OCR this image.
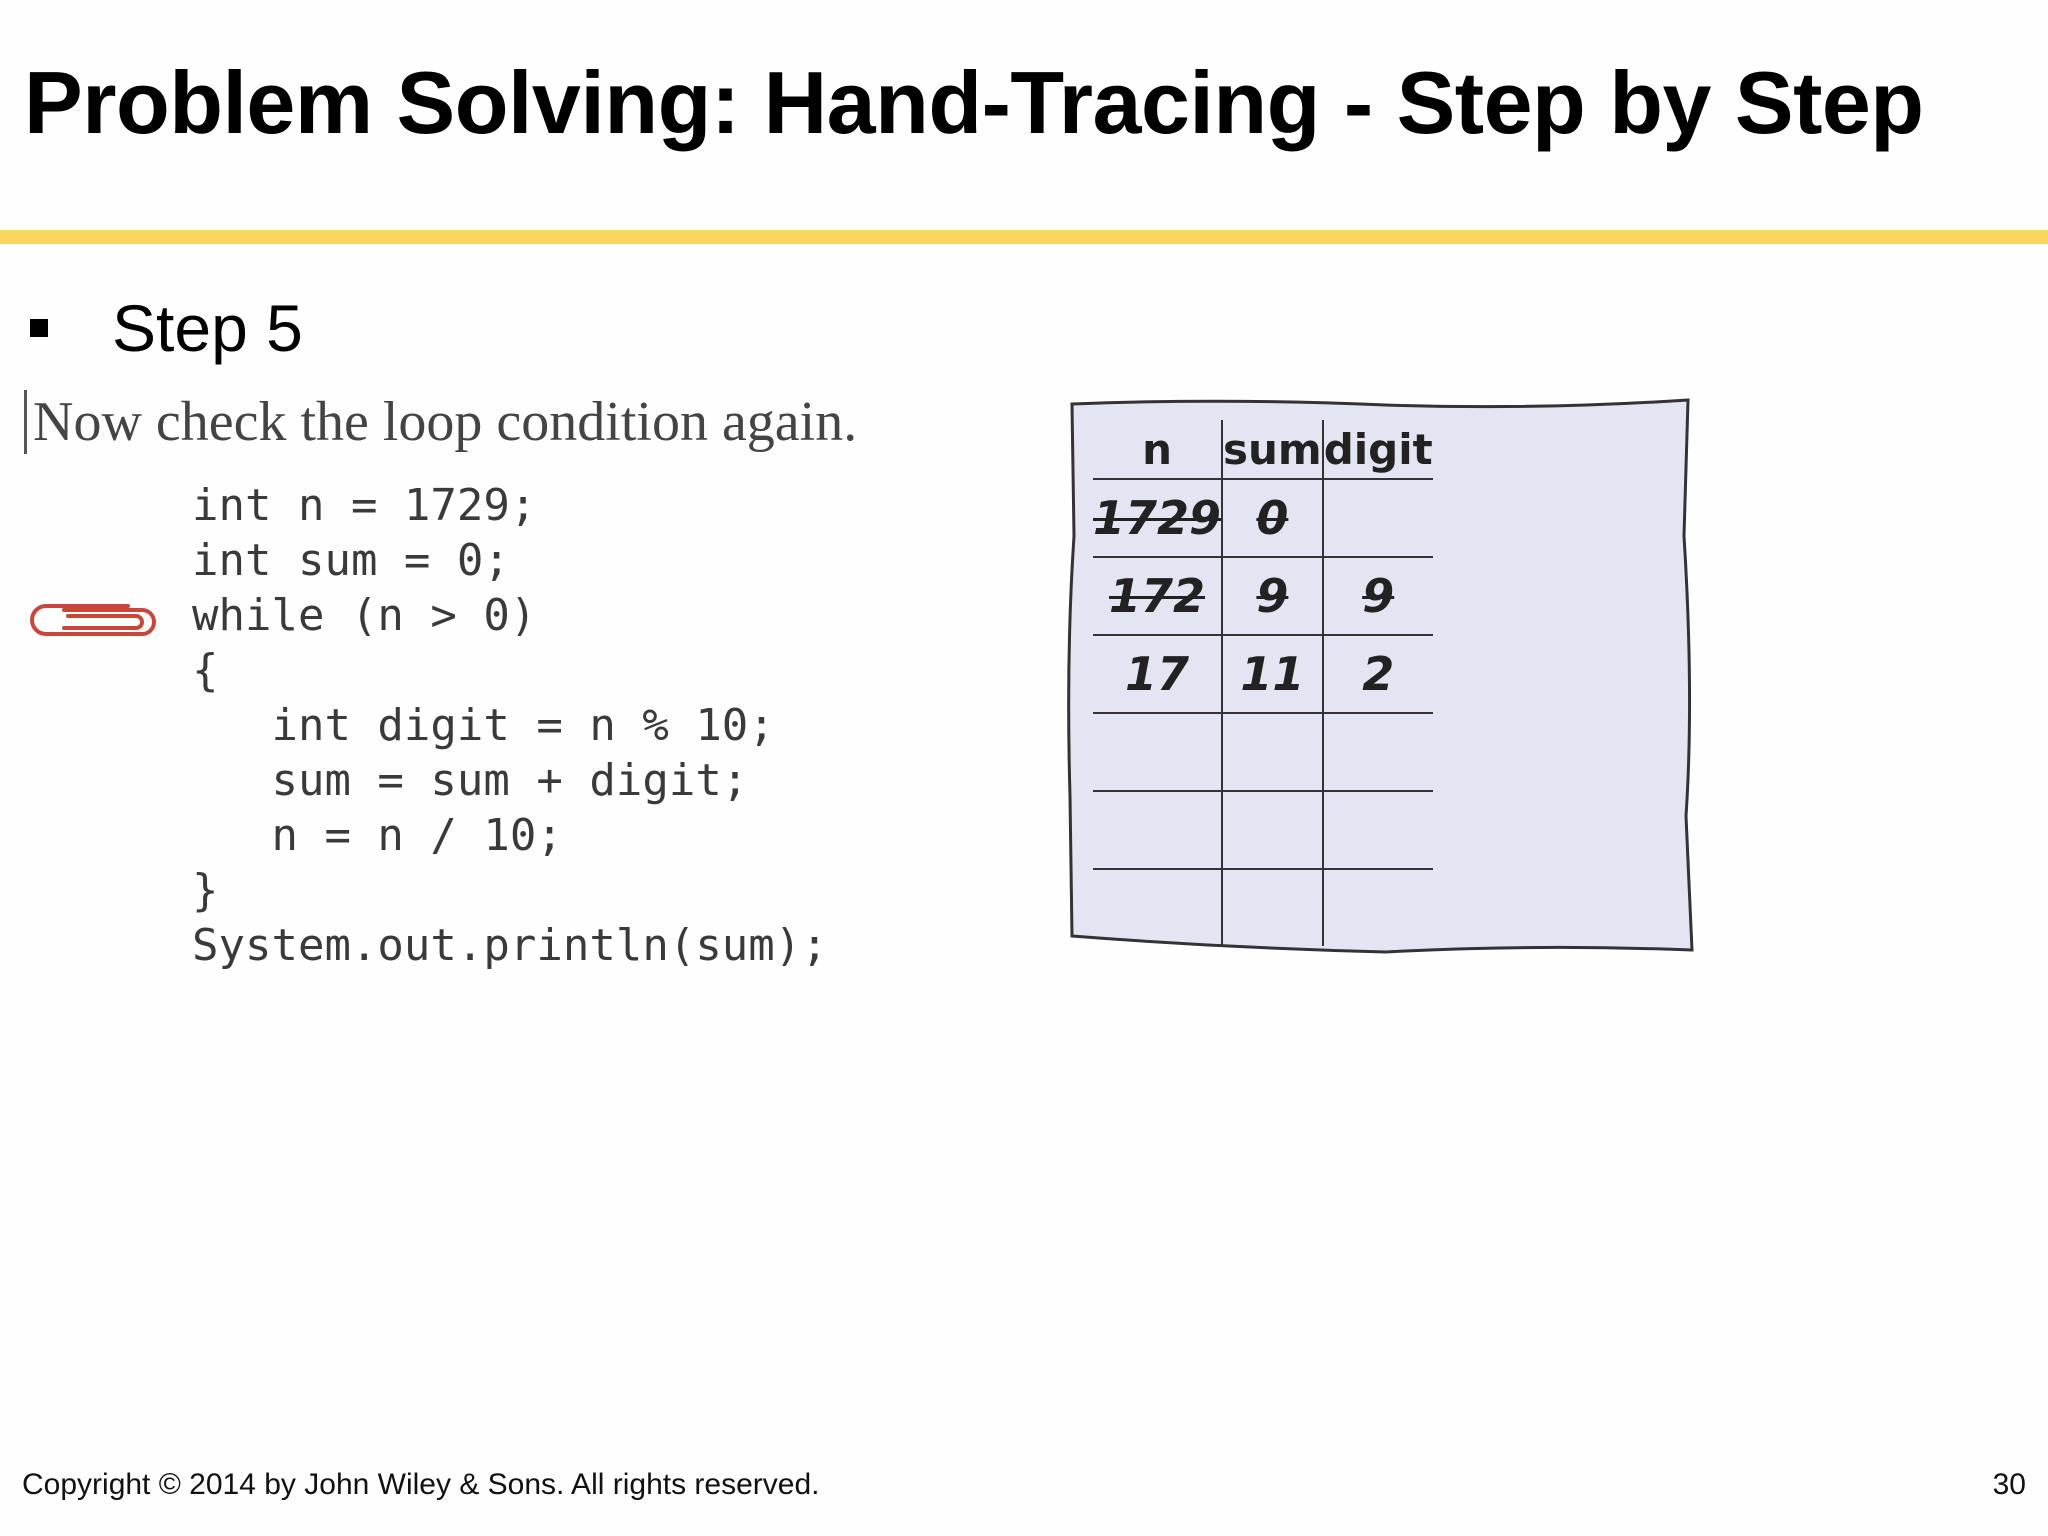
Problem Solving: Hand-Tracing - Step by Step
Step 5
Now check the loop condition again.
int n = 1729;
int sum = 0;
while (n > 0)
{
int digit = n % 10;
sum = sum + digit;
n = n / 10;
}
System.out.println(sum);
n	sum	digit
1729	0	
172	9	9
17	11	2

Copyright © 2014 by John Wiley & Sons. All rights reserved.	30
